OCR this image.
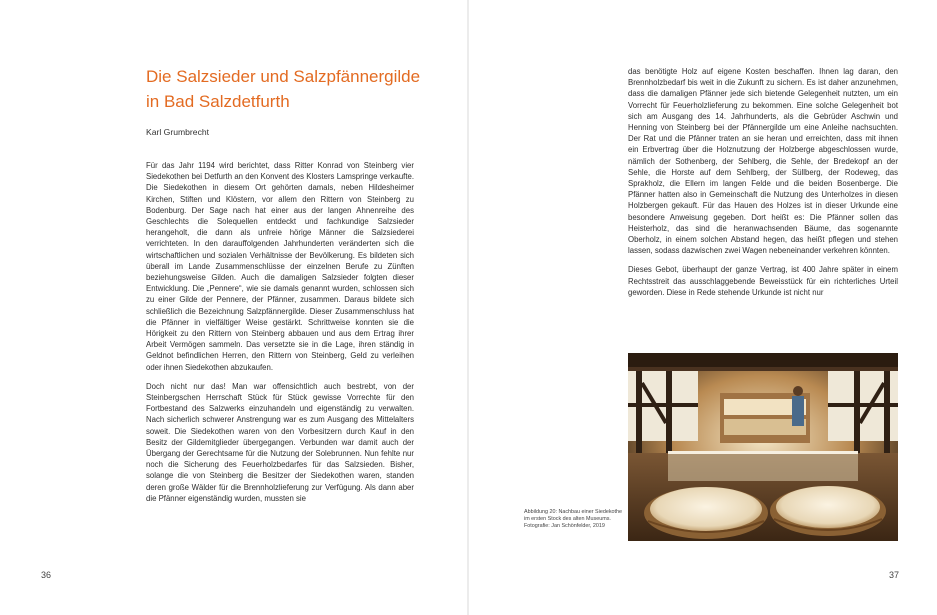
Die Salzsieder und Salzpfännergilde
in Bad Salzdetfurth
Karl Grumbrecht

Für das Jahr 1194 wird berichtet, dass Ritter Konrad von Steinberg vier Siedekothen bei Detfurth an den Konvent des Klosters Lamspringe verkaufte. Die Siedekothen in diesem Ort gehörten damals, neben Hildesheimer Kirchen, Stiften und Klöstern, vor allem den Rittern von Steinberg zu Bodenburg. Der Sage nach hat einer aus der langen Ahnenreihe des Geschlechts die Solequellen entdeckt und fachkundige Salzsieder herangeholt, die dann als unfreie hörige Männer die Salzsiederei verrichteten. In den darauffolgenden Jahrhunderten veränderten sich die wirtschaftlichen und sozialen Verhältnisse der Bevölkerung. Es bildeten sich überall im Lande Zusammenschlüsse der einzelnen Berufe zu Zünften beziehungsweise Gilden. Auch die damaligen Salzsieder folgten dieser Entwicklung. Die „Pennere“, wie sie damals genannt wurden, schlossen sich zu einer Gilde der Pennere, der Pfänner, zusammen. Daraus bildete sich schließlich die Bezeichnung Salzpfännergilde. Dieser Zusammenschluss hat die Pfänner in vielfältiger Weise gestärkt. Schrittweise konnten sie die Hörigkeit zu den Rittern von Steinberg abbauen und aus dem Ertrag ihrer Arbeit Vermögen sammeln. Das versetzte sie in die Lage, ihren ständig in Geldnot befindlichen Herren, den Rittern von Steinberg, Geld zu verleihen oder ihnen Siedekothen abzukaufen.

Doch nicht nur das! Man war offensichtlich auch bestrebt, von der Steinbergschen Herrschaft Stück für Stück gewisse Vorrechte für den Fortbestand des Salzwerks einzuhandeln und eigenständig zu verwalten. Nach sicherlich schwerer Anstrengung war es zum Ausgang des Mittelalters soweit. Die Siedekothen waren von den Vorbesitzern durch Kauf in den Besitz der Gildemitglieder übergegangen. Verbunden war damit auch der Übergang der Gerechtsame für die Nutzung der Solebrunnen. Nun fehlte nur noch die Sicherung des Feuerholzbedarfes für das Salzsieden. Bisher, solange die von Steinberg die Besitzer der Siedekothen waren, standen deren große Wälder für die Brennholzlieferung zur Verfügung. Als dann aber die Pfänner eigenständig wurden, mussten sie

36

das benötigte Holz auf eigene Kosten beschaffen. Ihnen lag daran, den Brennholzbedarf bis weit in die Zukunft zu sichern. Es ist daher anzunehmen, dass die damaligen Pfänner jede sich bietende Gelegenheit nutzten, um ein Vorrecht für Feuerholzlieferung zu bekommen. Eine solche Gelegenheit bot sich am Ausgang des 14. Jahrhunderts, als die Gebrüder Aschwin und Henning von Steinberg bei der Pfännergilde um eine Anleihe nachsuchten. Der Rat und die Pfänner traten an sie heran und erreichten, dass mit ihnen ein Erbvertrag über die Holznutzung der Holzberge abgeschlossen wurde, nämlich der Sothenberg, der Sehlberg, die Sehle, der Bredekopf an der Sehle, die Horste auf dem Sehlberg, der Süllberg, der Rodeweg, das Sprakholz, die Ellern im langen Felde und die beiden Bosenberge. Die Pfänner hatten also in Gemeinschaft die Nutzung des Unterholzes in diesen Holzbergen gekauft. Für das Hauen des Holzes ist in dieser Urkunde eine besondere Anweisung gegeben. Dort heißt es: Die Pfänner sollen das Heisterholz, das sind die heranwachsenden Bäume, das sogenannte Oberholz, in einem solchen Abstand hegen, das heißt pflegen und stehen lassen, sodass dazwischen zwei Wagen nebeneinander verkehren könnten.

Dieses Gebot, überhaupt der ganze Vertrag, ist 400 Jahre später in einem Rechtsstreit das ausschlaggebende Beweisstück für ein richterliches Urteil geworden. Diese in Rede stehende Urkunde ist nicht nur

Abbildung 20: Nachbau einer Siedekothe im ersten Stock des alten Museums. Fotografie: Jan Schönfelder, 2019
37
